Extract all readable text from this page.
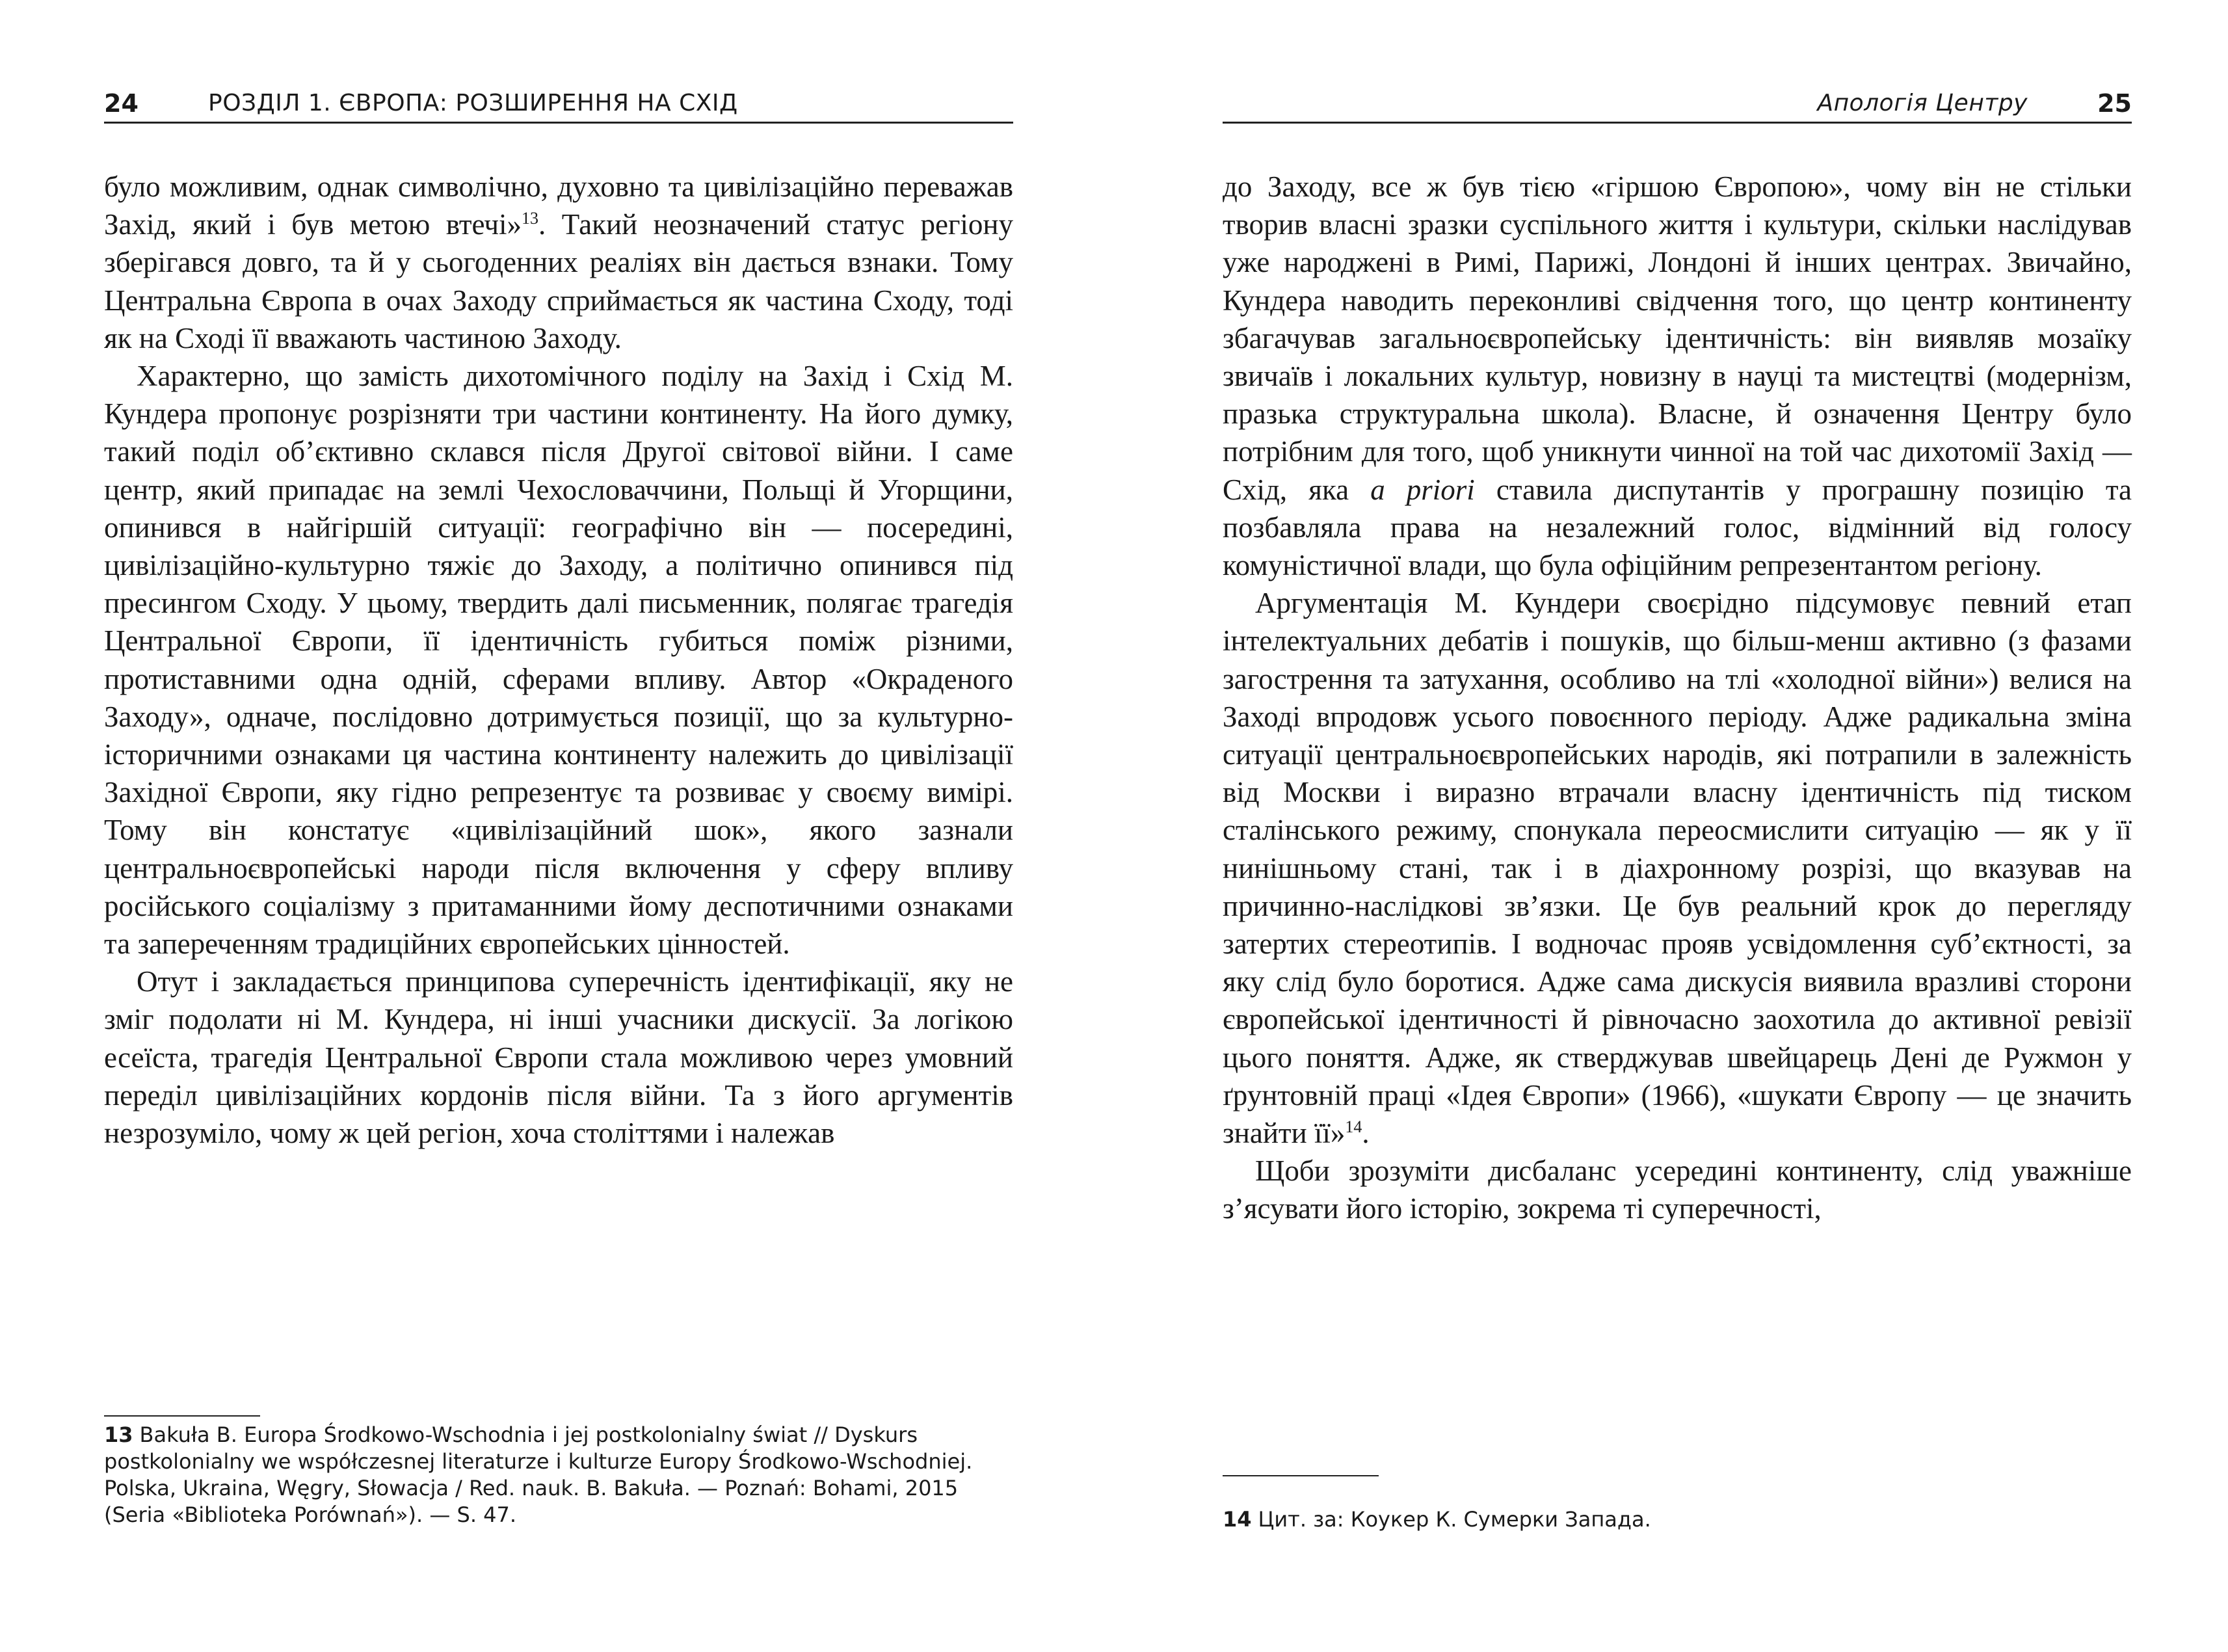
24	РОЗДІЛ 1. ЄВРОПА: РОЗШИРЕННЯ НА СХІД

було можливим, однак символічно, духовно та цивілізаційно переважав Захід, який і був метою втечі»$^{13}$. Такий неозначений статус регіону зберігався довго, та й у сьогоденних реаліях він дається взнаки. Тому Центральна Європа в очах Заходу сприймається як частина Сходу, тоді як на Сході її вважають частиною Заходу.

Характерно, що замість дихотомічного поділу на Захід і Схід М. Кундера пропонує розрізняти три частини континенту. На його думку, такий поділ об’єктивно склався після Другої світової війни. І саме центр, який припадає на землі Чехословаччини, Польщі й Угорщини, опинився в найгіршій ситуації: географічно він — посередині, цивілізаційно-культурно тяжіє до Заходу, а політично опинився під пресингом Сходу. У цьому, твердить далі письменник, полягає трагедія Центральної Європи, її ідентичність губиться поміж різними, протиставними одна одній, сферами впливу. Автор «Окраденого Заходу», одначе, послідовно дотримується позиції, що за культурно-історичними ознаками ця частина континенту належить до цивілізації Західної Європи, яку гідно репрезентує та розвиває у своєму вимірі. Тому він констатує «цивілізаційний шок», якого зазнали центральноєвропейські народи після включення у сферу впливу російського соціалізму з притаманними йому деспотичними ознаками та запереченням традиційних європейських цінностей.

Отут і закладається принципова суперечність ідентифікації, яку не зміг подолати ні М. Кундера, ні інші учасники дискусії. За логікою есеїста, трагедія Центральної Європи стала можливою через умовний переділ цивілізаційних кордонів після війни. Та з його аргументів незрозуміло, чому ж цей регіон, хоча століттями і належав

13 Bakuła B. Europa Środkowo-Wschodnia i jej postkolonialny świat // Dyskurs postkolonialny we współczesnej literaturze i kulturze Europy Środkowo-Wschodniej. Polska, Ukraina, Węgry, Słowacja / Red. nauk. B. Bakuła. — Poznań: Bohami, 2015 (Seria «Biblioteka Porównań»). — S. 47.
Апологія Центру	25

до Заходу, все ж був тією «гіршою Європою», чому він не стільки творив власні зразки суспільного життя і культури, скільки наслідував уже народжені в Римі, Парижі, Лондоні й інших центрах. Звичайно, Кундера наводить переконливі свідчення того, що центр континенту збагачував загальноєвропейську ідентичність: він виявляв мозаїку звичаїв і локальних культур, новизну в науці та мистецтві (модернізм, празька структуральна школа). Власне, й означення Центру було потрібним для того, щоб уникнути чинної на той час дихотомії Захід — Схід, яка a priori ставила диспутантів у програшну позицію та позбавляла права на незалежний голос, відмінний від голосу комуністичної влади, що була офіційним репрезентантом регіону.

Аргументація М. Кундери своєрідно підсумовує певний етап інтелектуальних дебатів і пошуків, що більш-менш активно (з фазами загострення та затухання, особливо на тлі «холодної війни») велися на Заході впродовж усього повоєнного періоду. Адже радикальна зміна ситуації центральноєвропейських народів, які потрапили в залежність від Москви і виразно втрачали власну ідентичність під тиском сталінського режиму, спонукала переосмислити ситуацію — як у її нинішньому стані, так і в діахронному розрізі, що вказував на причинно-наслідкові зв’язки. Це був реальний крок до перегляду затертих стереотипів. І водночас прояв усвідомлення суб’єктності, за яку слід було боротися. Адже сама дискусія виявила вразливі сторони європейської ідентичності й рівночасно заохотила до активної ревізії цього поняття. Адже, як стверджував швейцарець Дені де Ружмон у ґрунтовній праці «Ідея Європи» (1966), «шукати Європу — це значить знайти її»$^{14}$.

Щоби зрозуміти дисбаланс усередині континенту, слід уважніше з’ясувати його історію, зокрема ті суперечності,

14 Цит. за: Коукер К. Сумерки Запада.
